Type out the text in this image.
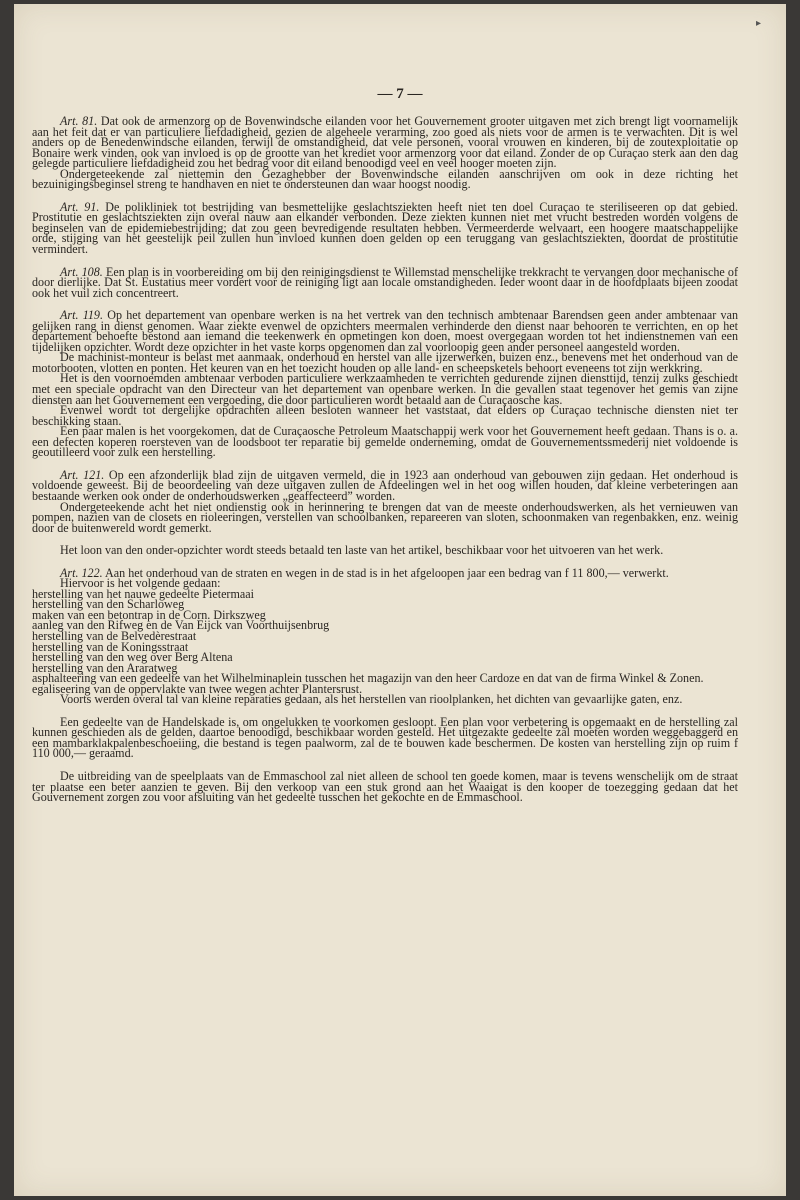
▸
— 7 —

Art. 81. Dat ook de armenzorg op de Bovenwindsche eilanden voor het Gouvernement grooter uitgaven met zich brengt ligt voornamelijk aan het feit dat er van particuliere liefdadigheid, gezien de algeheele verarming, zoo goed als niets voor de armen is te verwachten. Dit is wel anders op de Benedenwindsche eilanden, terwijl de omstandigheid, dat vele personen, vooral vrouwen en kinderen, bij de zoutexploitatie op Bonaire werk vinden, ook van invloed is op de grootte van het krediet voor armenzorg voor dat eiland. Zonder de op Curaçao sterk aan den dag gelegde particuliere liefdadigheid zou het bedrag voor dit eiland benoodigd veel en veel hooger moeten zijn.

Ondergeteekende zal niettemin den Gezaghebber der Bovenwindsche eilanden aanschrijven om ook in deze richting het bezuinigingsbeginsel streng te handhaven en niet te ondersteunen dan waar hoogst noodig.

Art. 91. De polikliniek tot bestrijding van besmettelijke geslachtsziekten heeft niet ten doel Curaçao te steriliseeren op dat gebied. Prostitutie en geslachtsziekten zijn overal nauw aan elkander verbonden. Deze ziekten kunnen niet met vrucht bestreden worden volgens de beginselen van de epidemiebestrijding; dat zou geen bevredigende resultaten hebben. Vermeerderde welvaart, een hoogere maatschappelijke orde, stijging van het geestelijk peil zullen hun invloed kunnen doen gelden op een teruggang van geslachtsziekten, doordat de prostitutie vermindert.

Art. 108. Een plan is in voorbereiding om bij den reinigingsdienst te Willemstad menschelijke trekkracht te vervangen door mechanische of door dierlijke. Dat St. Eustatius meer vordert voor de reiniging ligt aan locale omstandigheden. Ieder woont daar in de hoofdplaats bijeen zoodat ook het vuil zich concentreert.

Art. 119. Op het departement van openbare werken is na het vertrek van den technisch ambtenaar Barendsen geen ander ambtenaar van gelijken rang in dienst genomen. Waar ziekte evenwel de opzichters meermalen verhinderde den dienst naar behooren te verrichten, en op het departement behoefte bestond aan iemand die teekenwerk en opmetingen kon doen, moest overgegaan worden tot het indienstnemen van een tijdelijken opzichter. Wordt deze opzichter in het vaste korps opgenomen dan zal voorloopig geen ander personeel aangesteld worden.

De machinist-monteur is belast met aanmaak, onderhoud en herstel van alle ijzerwerken, buizen enz., benevens met het onderhoud van de motorbooten, vlotten en ponten. Het keuren van en het toezicht houden op alle land- en scheepsketels behoort eveneens tot zijn werkkring.

Het is den voornoemden ambtenaar verboden particuliere werkzaamheden te verrichten gedurende zijnen diensttijd, tenzij zulks geschiedt met een speciale opdracht van den Directeur van het departement van openbare werken. In die gevallen staat tegenover het gemis van zijne diensten aan het Gouvernement een vergoeding, die door particulieren wordt betaald aan de Curaçaosche kas.

Evenwel wordt tot dergelijke opdrachten alleen besloten wanneer het vaststaat, dat elders op Curaçao technische diensten niet ter beschikking staan.

Een paar malen is het voorgekomen, dat de Curaçaosche Petroleum Maatschappij werk voor het Gouvernement heeft gedaan. Thans is o. a. een defecten koperen roersteven van de loodsboot ter reparatie bij gemelde onderneming, omdat de Gouvernementssmederij niet voldoende is geoutilleerd voor zulk een herstelling.

Art. 121. Op een afzonderlijk blad zijn de uitgaven vermeld, die in 1923 aan onderhoud van gebouwen zijn gedaan. Het onderhoud is voldoende geweest. Bij de beoordeeling van deze uitgaven zullen de Afdeelingen wel in het oog willen houden, dat kleine verbeteringen aan bestaande werken ook onder de onderhoudswerken „geaffecteerd” worden.

Ondergeteekende acht het niet ondienstig ook in herinnering te brengen dat van de meeste onderhoudswerken, als het vernieuwen van pompen, nazien van de closets en rioleeringen, verstellen van schoolbanken, repareeren van sloten, schoonmaken van regenbakken, enz. weinig door de buitenwereld wordt gemerkt.

Het loon van den onder-opzichter wordt steeds betaald ten laste van het artikel, beschikbaar voor het uitvoeren van het werk.

Art. 122. Aan het onderhoud van de straten en wegen in de stad is in het afgeloopen jaar een bedrag van f 11 800,— verwerkt.

Hiervoor is het volgende gedaan:

herstelling van het nauwe gedeelte Pietermaai

herstelling van den Scharloweg

maken van een betontrap in de Corn. Dirkszweg

aanleg van den Rifweg en de Van Eijck van Voorthuijsenbrug

herstelling van de Belvedèrestraat

herstelling van de Koningsstraat

herstelling van den weg over Berg Altena

herstelling van den Araratweg

asphalteering van een gedeelte van het Wilhelminaplein tusschen het magazijn van den heer Cardoze en dat van de firma Winkel & Zonen.

egaliseering van de oppervlakte van twee wegen achter Plantersrust.

Voorts werden overal tal van kleine reparaties gedaan, als het herstellen van rioolplanken, het dichten van gevaarlijke gaten, enz.

Een gedeelte van de Handelskade is, om ongelukken te voorkomen gesloopt. Een plan voor verbetering is opgemaakt en de herstelling zal kunnen geschieden als de gelden, daartoe benoodigd, beschikbaar worden gesteld. Het uitgezakte gedeelte zal moeten worden weggebaggerd en een mambarklakpalenbeschoeiing, die bestand is tegen paalworm, zal de te bouwen kade beschermen. De kosten van herstelling zijn op ruim f 110 000,— geraamd.

De uitbreiding van de speelplaats van de Emmaschool zal niet alleen de school ten goede komen, maar is tevens wenschelijk om de straat ter plaatse een beter aanzien te geven. Bij den verkoop van een stuk grond aan het Waaigat is den kooper de toezegging gedaan dat het Gouvernement zorgen zou voor afsluiting van het gedeelte tusschen het gekochte en de Emmaschool.
